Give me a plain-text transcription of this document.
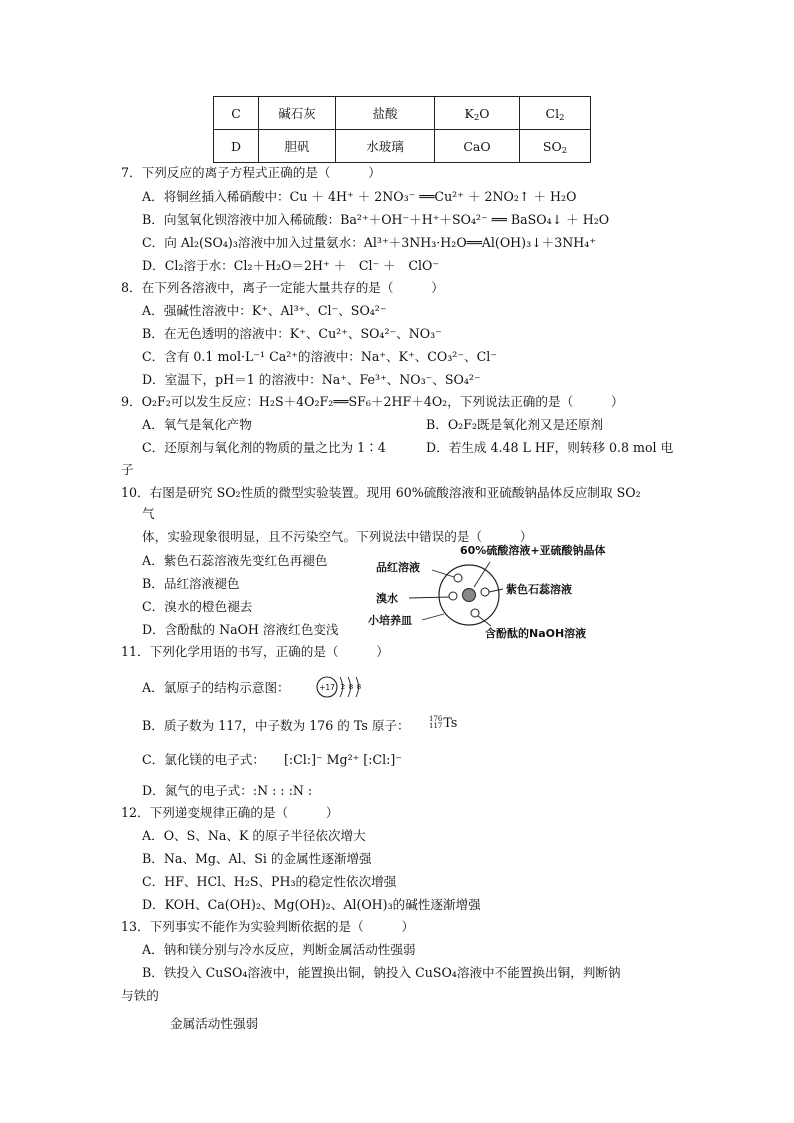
C	碱石灰	盐酸	$K_2O$	$Cl_2$
D	胆矾	水玻璃	CaO	$SO_2$
7．下列反应的离子方程式正确的是（　　　）
A．将铜丝插入稀硝酸中：Cu ＋ 4H⁺ ＋ 2NO₃⁻ ══Cu²⁺ ＋ 2NO₂↑ ＋ H₂O
B．向氢氧化钡溶液中加入稀硫酸：Ba²⁺＋OH⁻＋H⁺＋SO₄²⁻ ══ BaSO₄↓ ＋ H₂O
C．向 Al₂(SO₄)₃溶液中加入过量氨水：Al³⁺＋3NH₃·H₂O══Al(OH)₃↓＋3NH₄⁺
D．Cl₂溶于水：Cl₂＋H₂O＝2H⁺ ＋　Cl⁻ ＋　ClO⁻
8．在下列各溶液中，离子一定能大量共存的是（　　　）
A．强碱性溶液中：K⁺、Al³⁺、Cl⁻、SO₄²⁻
B．在无色透明的溶液中：K⁺、Cu²⁺、SO₄²⁻、NO₃⁻
C．含有 0.1 mol·L⁻¹ Ca²⁺的溶液中：Na⁺、K⁺、CO₃²⁻、Cl⁻
D．室温下，pH＝1 的溶液中：Na⁺、Fe³⁺、NO₃⁻、SO₄²⁻
9．O₂F₂可以发生反应：H₂S＋4O₂F₂══SF₆＋2HF＋4O₂，下列说法正确的是（　　　）
A．氧气是氧化产物	B．O₂F₂既是氧化剂又是还原剂
C．还原剂与氧化剂的物质的量之比为 1∶4	D．若生成 4.48 L HF，则转移 0.8 mol 电
子
10．右图是研究 SO₂性质的微型实验装置。现用 60%硫酸溶液和亚硫酸钠晶体反应制取 SO₂
气
体，实验现象很明显，且不污染空气。下列说法中错误的是（　　　）
A．紫色石蕊溶液先变红色再褪色
B．品红溶液褪色
C．溴水的橙色褪去
D．含酚酞的 NaOH 溶液红色变浅
60%硫酸溶液+亚硫酸钠晶体
品红溶液
紫色石蕊溶液
溴水
小培养皿
含酚酞的NaOH溶液
11．下列化学用语的书写，正确的是（　　　）
A．氯原子的结构示意图：	+17 2 8 8
B．质子数为 117，中子数为 176 的 Ts 原子：	176
117 Ts
C．氯化镁的电子式： [:Cl:]⁻ Mg²⁺ [:Cl:]⁻
D．氮气的电子式：:N : : :N :
12．下列递变规律正确的是（　　　）
A．O、S、Na、K 的原子半径依次增大
B．Na、Mg、Al、Si 的金属性逐渐增强
C．HF、HCl、H₂S、PH₃的稳定性依次增强
D．KOH、Ca(OH)₂、Mg(OH)₂、Al(OH)₃的碱性逐渐增强
13．下列事实不能作为实验判断依据的是（　　　）
A．钠和镁分别与冷水反应，判断金属活动性强弱
B．铁投入 CuSO₄溶液中，能置换出铜，钠投入 CuSO₄溶液中不能置换出铜，判断钠
与铁的
金属活动性强弱
